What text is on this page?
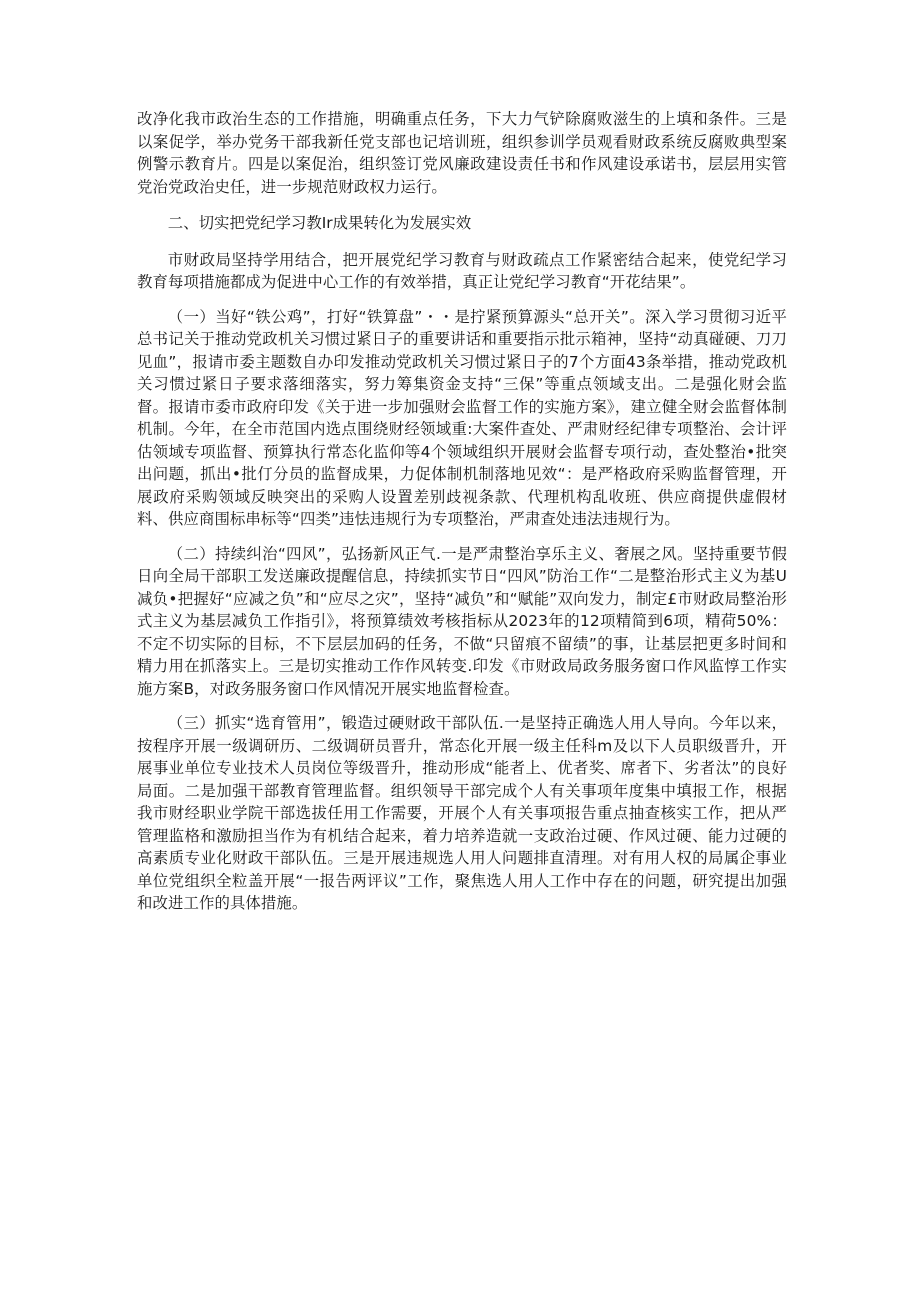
改净化我市政治生态的工作措施，明确重点任务，下大力气铲除腐败滋生的上填和条件。三是以案促学，举办党务干部我新任党支部也记培训班，组织参训学员观看财政系统反腐败典型案例警示教育片。四是以案促治，组织签订党风廉政建设责任书和作风建设承诺书，层层用实管党治党政治史任，进一步规范财政权力运行。

二、切实把党纪学习教Ir成果转化为发展实效

市财政局坚持学用结合，把开展党纪学习教育与财政疏点工作紧密结合起来，使党纪学习教育每项措施都成为促进中心工作的有效举措，真正让党纪学习教育“开花结果”。

（一）当好“铁公鸡”，打好“铁算盘”・・是拧紧预算源头“总开关”。深入学习贯彻习近平总书记关于推动党政机关习惯过紧日子的重要讲话和重要指示批示箱神，坚持“动真碰硬、刀刀见血”，报请市委主题数自办印发推动党政机关习惯过紧日子的7个方面43条举措，推动党政机关习惯过紧日子要求落细落实，努力筹集资金支持“三保”等重点领域支出。二是强化财会监督。报请市委市政府印发《关于进一步加强财会监督工作的实施方案》，建立健全财会监督体制机制。今年，在全市范国内选点围绕财经领域重:大案件查处、严肃财经纪律专项整治、会计评估领域专项监督、预算执行常态化监仰等4个领域组织开展财会监督专项行动，查处整治•批突出问题，抓出•批仃分员的监督成果，力促体制机制落地见效“：是严格政府采购监督管理，开展政府采购领域反映突出的采购人设置差别歧视条款、代理机构乱收班、供应商提供虚假材料、供应商围标串标等“四类”违怯违规行为专项整治，严肃查处违法违规行为。

（二）持续纠治“四风”，弘扬新风正气.一是严肃整治享乐主义、奢展之风。坚持重要节假日向全局干部职工发送廉政提醒信息，持续抓实节日“四风”防治工作“二是整治形式主义为基U减负•把握好“应减之负”和“应尽之灾”，坚持“减负”和“赋能”双向发力，制定£市财政局整治形式主义为基层减负工作指引》，将预算绩效考核指标从2023年的12项精简到6项，精荷50%：不定不切实际的目标，不下层层加码的任务，不做“只留痕不留绩”的事，让基层把更多时间和精力用在抓落实上。三是切实推动工作作风转变.印发《市财政局政务服务窗口作风监惇工作实施方案B，对政务服务窗口作风情况开展实地监督检查。

（三）抓实“选育管用”，锻造过硬财政干部队伍.一是坚持正确选人用人导向。今年以来，按程序开展一级调研历、二级调研员晋升，常态化开展一级主任科m及以下人员职级晋升，开展事业单位专业技术人员岗位等级晋升，推动形成“能者上、优者奖、席者下、劣者汰”的良好局面。二是加强干部教育管理监督。组织领导干部完成个人有关事项年度集中填报工作，根据我市财经职业学院干部选拔任用工作需要，开展个人有关事项报告重点抽查核实工作，把从严管理监格和激励担当作为有机结合起来，着力培养造就一支政治过硬、作风过硬、能力过硬的高素质专业化财政干部队伍。三是开展违规选人用人问题排直清理。对有用人权的局属企事业单位党组织全粒盖开展“一报告两评议”工作，聚焦选人用人工作中存在的问题，研究提出加强和改进工作的具体措施。
